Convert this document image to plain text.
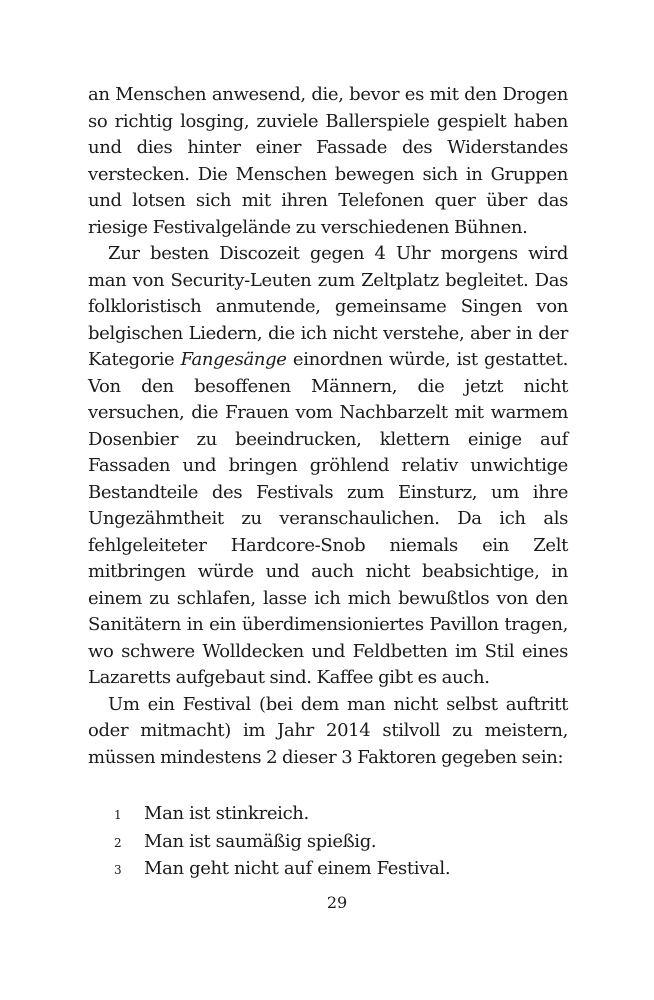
an Menschen anwesend, die, bevor es mit den Drogen so richtig losging, zuviele Ballerspiele gespielt haben und dies hinter einer Fassade des Widerstandes verstecken. Die Menschen bewegen sich in Gruppen und lotsen sich mit ihren Telefonen quer über das riesige Festivalgelände zu verschiedenen Bühnen.

Zur besten Discozeit gegen 4 Uhr morgens wird man von Security-Leuten zum Zeltplatz begleitet. Das folkloristisch anmutende, gemeinsame Singen von belgischen Liedern, die ich nicht verstehe, aber in der Kategorie Fangesänge einordnen würde, ist gestattet. Von den besoffenen Männern, die jetzt nicht versuchen, die Frauen vom Nachbarzelt mit warmem Dosenbier zu beeindrucken, klettern einige auf Fassaden und bringen gröhlend relativ unwichtige Bestandteile des Festivals zum Einsturz, um ihre Ungezähmtheit zu veranschaulichen. Da ich als fehlgeleiteter Hardcore-Snob niemals ein Zelt mitbringen würde und auch nicht beabsichtige, in einem zu schlafen, lasse ich mich bewußtlos von den Sanitätern in ein überdimensioniertes Pavillon tragen, wo schwere Wolldecken und Feldbetten im Stil eines Lazaretts aufgebaut sind. Kaffee gibt es auch.

Um ein Festival (bei dem man nicht selbst auftritt oder mitmacht) im Jahr 2014 stilvoll zu meistern, müssen mindestens 2 dieser 3 Faktoren gegeben sein:

1	Man ist stinkreich.
2	Man ist saumäßig spießig.
3	Man geht nicht auf einem Festival.
29
